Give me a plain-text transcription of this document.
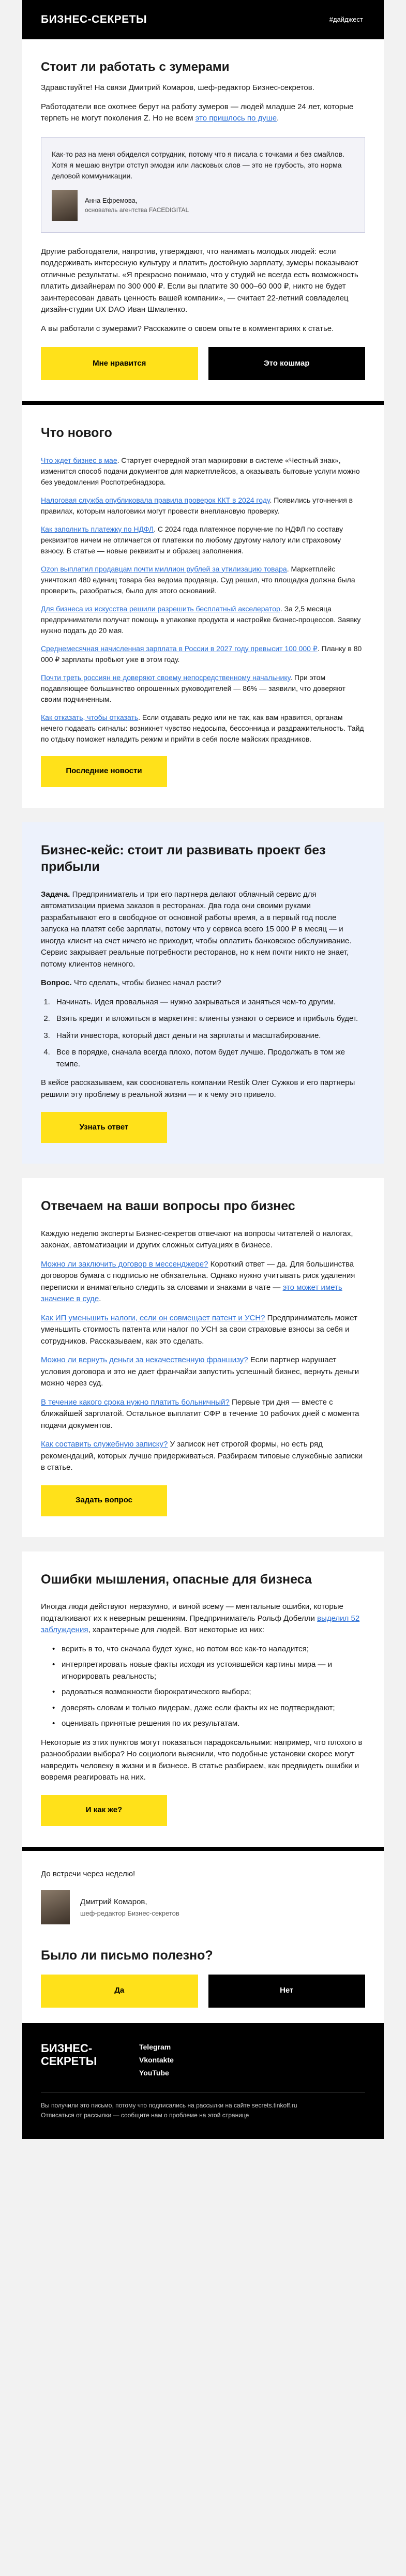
БИЗНЕС-СЕКРЕТЫ	#дайджест
Стоит ли работать с зумерами

Здравствуйте! На связи Дмитрий Комаров, шеф-редактор Бизнес-секретов.

Работодатели все охотнее берут на работу зумеров — людей младше 24 лет, которые терпеть не могут поколения Z. Но не всем это пришлось по душе.

Как-то раз на меня обиделся сотрудник, потому что я писала с точками и без смайлов. Хотя я мешаю внутри отступ эмодзи или ласковых слов — это не грубость, это норма деловой коммуникации.
Анна Ефремова,
основатель агентства FACEDIGITAL

Другие работодатели, напротив, утверждают, что нанимать молодых людей: если поддерживать интересную культуру и платить достойную зарплату, зумеры показывают отличные результаты. «Я прекрасно понимаю, что у студий не всегда есть возможность платить дизайнерам по 300 000 ₽. Если вы платите 30 000–60 000 ₽, никто не будет заинтересован давать ценность вашей компании», — считает 22-летний совладелец дизайн-студии UX DAO Иван Шмаленко.

А вы работали с зумерами? Расскажите о своем опыте в комментариях к статье.

Мне нравится	Это кошмар
Что нового

Что ждет бизнес в мае. Стартует очередной этап маркировки в системе «Честный знак», изменится способ подачи документов для маркетплейсов, а оказывать бытовые услуги можно без уведомления Роспотребнадзора.

Налоговая служба опубликовала правила проверок ККТ в 2024 году. Появились уточнения в правилах, которым налоговики могут провести внеплановую проверку.

Как заполнить платежку по НДФЛ. С 2024 года платежное поручение по НДФЛ по составу реквизитов ничем не отличается от платежки по любому другому налогу или страховому взносу. В статье — новые реквизиты и образец заполнения.

Ozon выплатил продавцам почти миллион рублей за утилизацию товара. Маркетплейс уничтожил 480 единиц товара без ведома продавца. Суд решил, что площадка должна была проверить, разобраться, было для этого оснований.

Для бизнеса из искусства решили разрешить бесплатный акселератор. За 2,5 месяца предприниматели получат помощь в упаковке продукта и настройке бизнес-процессов. Заявку нужно подать до 20 мая.

Среднемесячная начисленная зарплата в России в 2027 году превысит 100 000 ₽. Планку в 80 000 ₽ зарплаты пробьют уже в этом году.

Почти треть россиян не доверяют своему непосредственному начальнику. При этом подавляющее большинство опрошенных руководителей — 86% — заявили, что доверяют своим подчиненным.

Как отказать, чтобы отказать. Если отдавать редко или не так, как вам нравится, органам нечего подавать сигналы: возникнет чувство недосыпа, бессонница и раздражительность. Тайд по отдыху поможет наладить режим и прийти в себя после майских праздников.

Последние новости
Бизнес-кейс: стоит ли развивать проект без прибыли

Задача. Предприниматель и три его партнера делают облачный сервис для автоматизации приема заказов в ресторанах. Два года они своими руками разрабатывают его в свободное от основной работы время, а в первый год после запуска на платят себе зарплаты, потому что у сервиса всего 15 000 ₽ в месяц — и иногда клиент на счет ничего не приходит, чтобы оплатить банковское обслуживание. Сервис закрывает реальные потребности ресторанов, но к нем почти никто не знает, потому клиентов немного.

Вопрос. Что сделать, чтобы бизнес начал расти?

1. Начинать. Идея провальная — нужно закрываться и заняться чем-то другим.
2. Взять кредит и вложиться в маркетинг: клиенты узнают о сервисе и прибыль будет.
3. Найти инвестора, который даст деньги на зарплаты и масштабирование.
4. Все в порядке, сначала всегда плохо, потом будет лучше. Продолжать в том же темпе.

В кейсе рассказываем, как сооснователь компании Restik Олег Сужков и его партнеры решили эту проблему в реальной жизни — и к чему это привело.

Узнать ответ
Отвечаем на ваши вопросы про бизнес

Каждую неделю эксперты Бизнес-секретов отвечают на вопросы читателей о налогах, законах, автоматизации и других сложных ситуациях в бизнесе.

Можно ли заключить договор в мессенджере? Короткий ответ — да. Для большинства договоров бумага с подписью не обязательна. Однако нужно учитывать риск удаления переписки и внимательно следить за словами и знаками в чате — это может иметь значение в суде.

Как ИП уменьшить налоги, если он совмещает патент и УСН? Предприниматель может уменьшить стоимость патента или налог по УСН за свои страховые взносы за себя и сотрудников. Рассказываем, как это сделать.

Можно ли вернуть деньги за некачественную франшизу? Если партнер нарушает условия договора и это не дает франчайзи запустить успешный бизнес, вернуть деньги можно через суд.

В течение какого срока нужно платить больничный? Первые три дня — вместе с ближайшей зарплатой. Остальное выплатит СФР в течение 10 рабочих дней с момента подачи документов.

Как составить служебную записку? У записок нет строгой формы, но есть ряд рекомендаций, которых лучше придерживаться. Разбираем типовые служебные записки в статье.

Задать вопрос
Ошибки мышления, опасные для бизнеса

Иногда люди действуют неразумно, и виной всему — ментальные ошибки, которые подталкивают их к неверным решениям. Предприниматель Рольф Добелли выделил 52 заблуждения, характерные для людей. Вот некоторые из них:

• верить в то, что сначала будет хуже, но потом все как-то наладится;
• интерпретировать новые факты исходя из устоявшейся картины мира — и игнорировать реальность;
• радоваться возможности бюрократического выбора;
• доверять словам и только лидерам, даже если факты их не подтверждают;
• оценивать принятые решения по их результатам.

Некоторые из этих пунктов могут показаться парадоксальными: например, что плохого в разнообразии выбора? Но социологи выяснили, что подобные установки скорее могут навредить человеку в жизни и в бизнесе. В статье разбираем, как предвидеть ошибки и вовремя реагировать на них.

И как же?

До встречи через неделю!

Дмитрий Комаров,
шеф-редактор Бизнес-секретов
Было ли письмо полезно?
Да	Нет
БИЗНЕС-
СЕКРЕТЫ
Telegram
Vkontakte
YouTube
Вы получили это письмо, потому что подписались на рассылки на сайте secrets.tinkoff.ru
Отписаться от рассылки — сообщите нам о проблеме на этой странице
